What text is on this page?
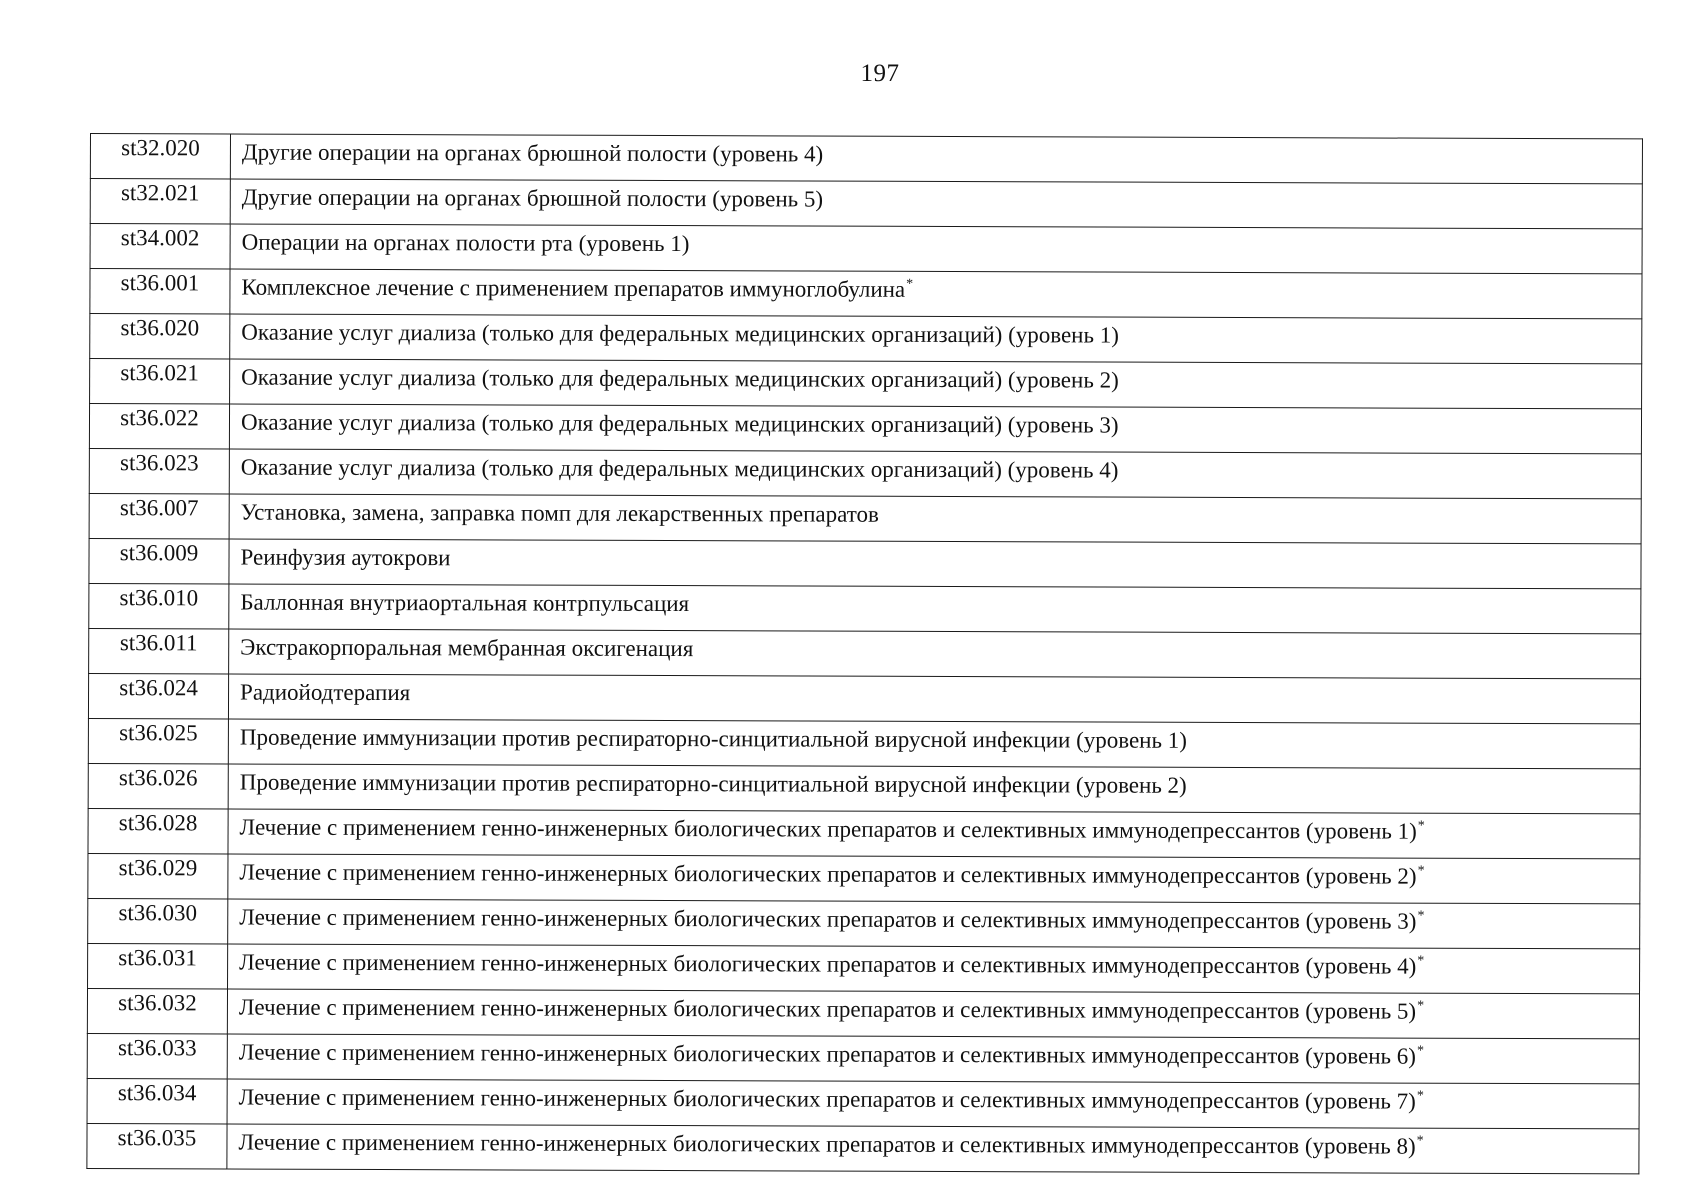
197
st32.020	Другие операции на органах брюшной полости (уровень 4)
st32.021	Другие операции на органах брюшной полости (уровень 5)
st34.002	Операции на органах полости рта (уровень 1)
st36.001	Комплексное лечение с применением препаратов иммуноглобулина*
st36.020	Оказание услуг диализа (только для федеральных медицинских организаций) (уровень 1)
st36.021	Оказание услуг диализа (только для федеральных медицинских организаций) (уровень 2)
st36.022	Оказание услуг диализа (только для федеральных медицинских организаций) (уровень 3)
st36.023	Оказание услуг диализа (только для федеральных медицинских организаций) (уровень 4)
st36.007	Установка, замена, заправка помп для лекарственных препаратов
st36.009	Реинфузия аутокрови
st36.010	Баллонная внутриаортальная контрпульсация
st36.011	Экстракорпоральная мембранная оксигенация
st36.024	Радиойодтерапия
st36.025	Проведение иммунизации против респираторно-синцитиальной вирусной инфекции (уровень 1)
st36.026	Проведение иммунизации против респираторно-синцитиальной вирусной инфекции (уровень 2)
st36.028	Лечение с применением генно-инженерных биологических препаратов и селективных иммунодепрессантов (уровень 1)*
st36.029	Лечение с применением генно-инженерных биологических препаратов и селективных иммунодепрессантов (уровень 2)*
st36.030	Лечение с применением генно-инженерных биологических препаратов и селективных иммунодепрессантов (уровень 3)*
st36.031	Лечение с применением генно-инженерных биологических препаратов и селективных иммунодепрессантов (уровень 4)*
st36.032	Лечение с применением генно-инженерных биологических препаратов и селективных иммунодепрессантов (уровень 5)*
st36.033	Лечение с применением генно-инженерных биологических препаратов и селективных иммунодепрессантов (уровень 6)*
st36.034	Лечение с применением генно-инженерных биологических препаратов и селективных иммунодепрессантов (уровень 7)*
st36.035	Лечение с применением генно-инженерных биологических препаратов и селективных иммунодепрессантов (уровень 8)*
